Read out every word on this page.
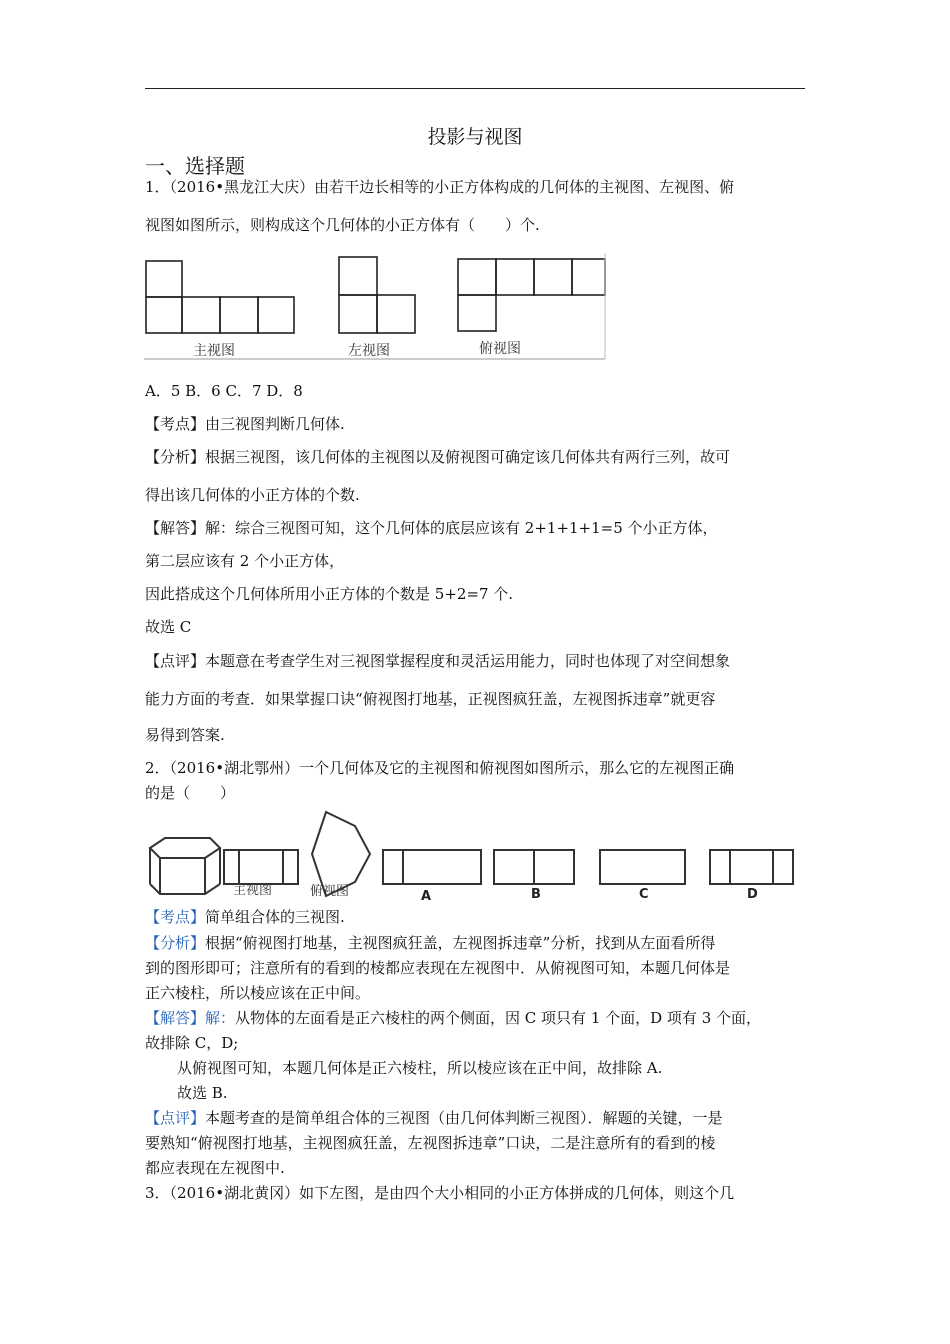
投影与视图
一、选择题
1．（2016•黑龙江大庆）由若干边长相等的小正方体构成的几何体的主视图、左视图、俯
视图如图所示，则构成这个几何体的小正方体有（　　）个.
主视图	左视图	俯视图
A．5 B．6 C．7 D．8
【考点】由三视图判断几何体.
【分析】根据三视图，该几何体的主视图以及俯视图可确定该几何体共有两行三列，故可
得出该几何体的小正方体的个数.
【解答】解：综合三视图可知，这个几何体的底层应该有 2+1+1+1=5 个小正方体，
第二层应该有 2 个小正方体，
因此搭成这个几何体所用小正方体的个数是 5+2=7 个.
故选 C
【点评】本题意在考查学生对三视图掌握程度和灵活运用能力，同时也体现了对空间想象
能力方面的考查．如果掌握口诀“俯视图打地基，正视图疯狂盖，左视图拆违章”就更容
易得到答案.
2．（2016•湖北鄂州）一个几何体及它的主视图和俯视图如图所示，那么它的左视图正确
的是（　　）
主视图	俯视图	A	B	C	D
【考点】简单组合体的三视图.
【分析】根据“俯视图打地基，主视图疯狂盖，左视图拆违章”分析，找到从左面看所得
到的图形即可；注意所有的看到的棱都应表现在左视图中．从俯视图可知，本题几何体是
正六棱柱，所以棱应该在正中间。
【解答】解：从物体的左面看是正六棱柱的两个侧面，因 C 项只有 1 个面，D 项有 3 个面，
故排除 C，D;
从俯视图可知，本题几何体是正六棱柱，所以棱应该在正中间，故排除 A.
故选 B.
【点评】本题考查的是简单组合体的三视图（由几何体判断三视图）．解题的关键，一是
要熟知“俯视图打地基，主视图疯狂盖，左视图拆违章”口诀，二是注意所有的看到的棱
都应表现在左视图中.
3．（2016•湖北黄冈）如下左图，是由四个大小相同的小正方体拼成的几何体，则这个几
